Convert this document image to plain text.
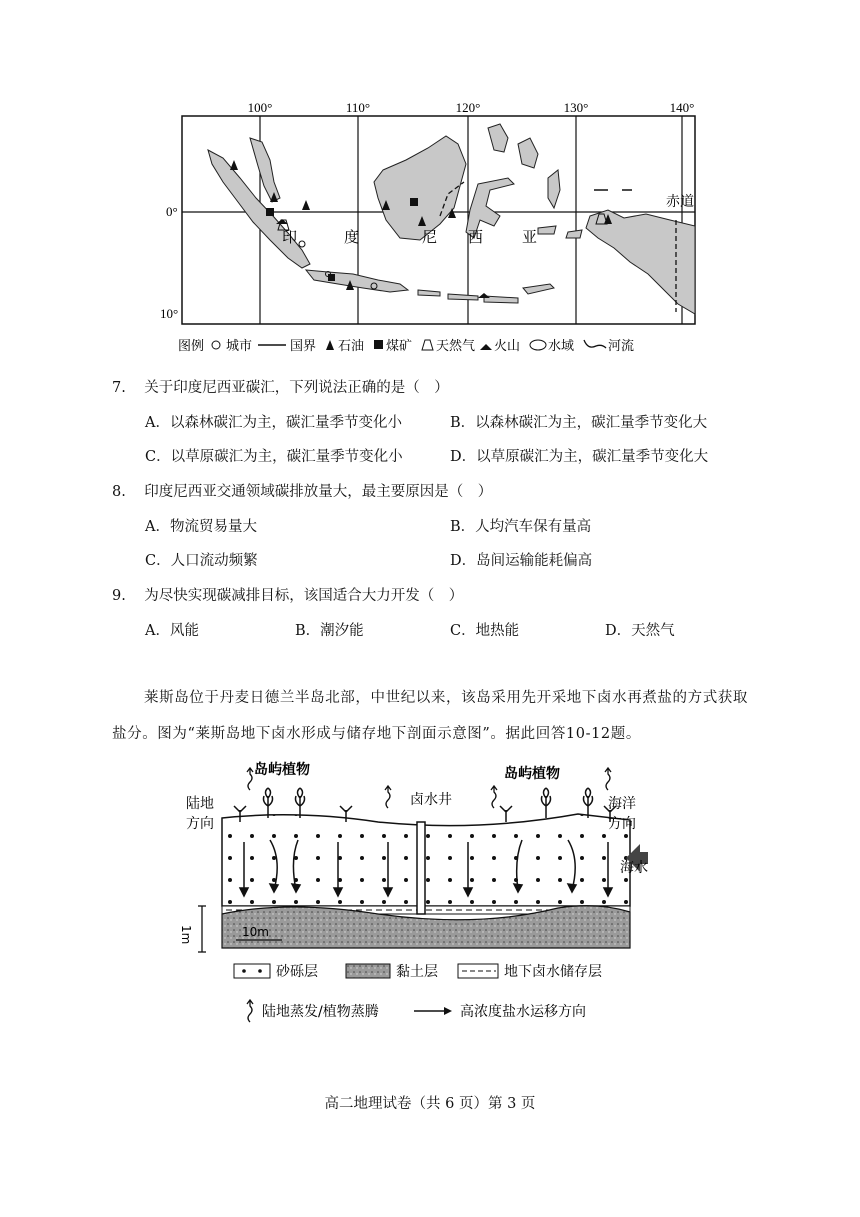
100°	110°	120°	130°	140°
0°
10°
赤道
印	度	尼 西	亚
图例 城市	国界 石油 煤矿 天然气 火山 水域	河流
7. 关于印度尼西亚碳汇，下列说法正确的是（　）
A．以森林碳汇为主，碳汇量季节变化小	B．以森林碳汇为主，碳汇量季节变化大
C．以草原碳汇为主，碳汇量季节变化小	D．以草原碳汇为主，碳汇量季节变化大
8. 印度尼西亚交通领域碳排放量大，最主要原因是（　）
A．物流贸易量大	B．人均汽车保有量高
C．人口流动频繁	D．岛间运输能耗偏高
9. 为尽快实现碳减排目标，该国适合大力开发（　）
A．风能	B．潮汐能	C．地热能	D．天然气
莱斯岛位于丹麦日德兰半岛北部，中世纪以来，该岛采用先开采地下卤水再煮盐的方式获取盐分。图为“莱斯岛地下卤水形成与储存地下剖面示意图”。据此回答10-12题。
岛屿植物	岛屿植物
卤水井
陆地
方向
海洋
方向
海水
1m	10m
砂砾层	黏土层	地下卤水储存层
陆地蒸发/植物蒸腾	高浓度盐水运移方向
高二地理试卷（共 6 页）第 3 页
